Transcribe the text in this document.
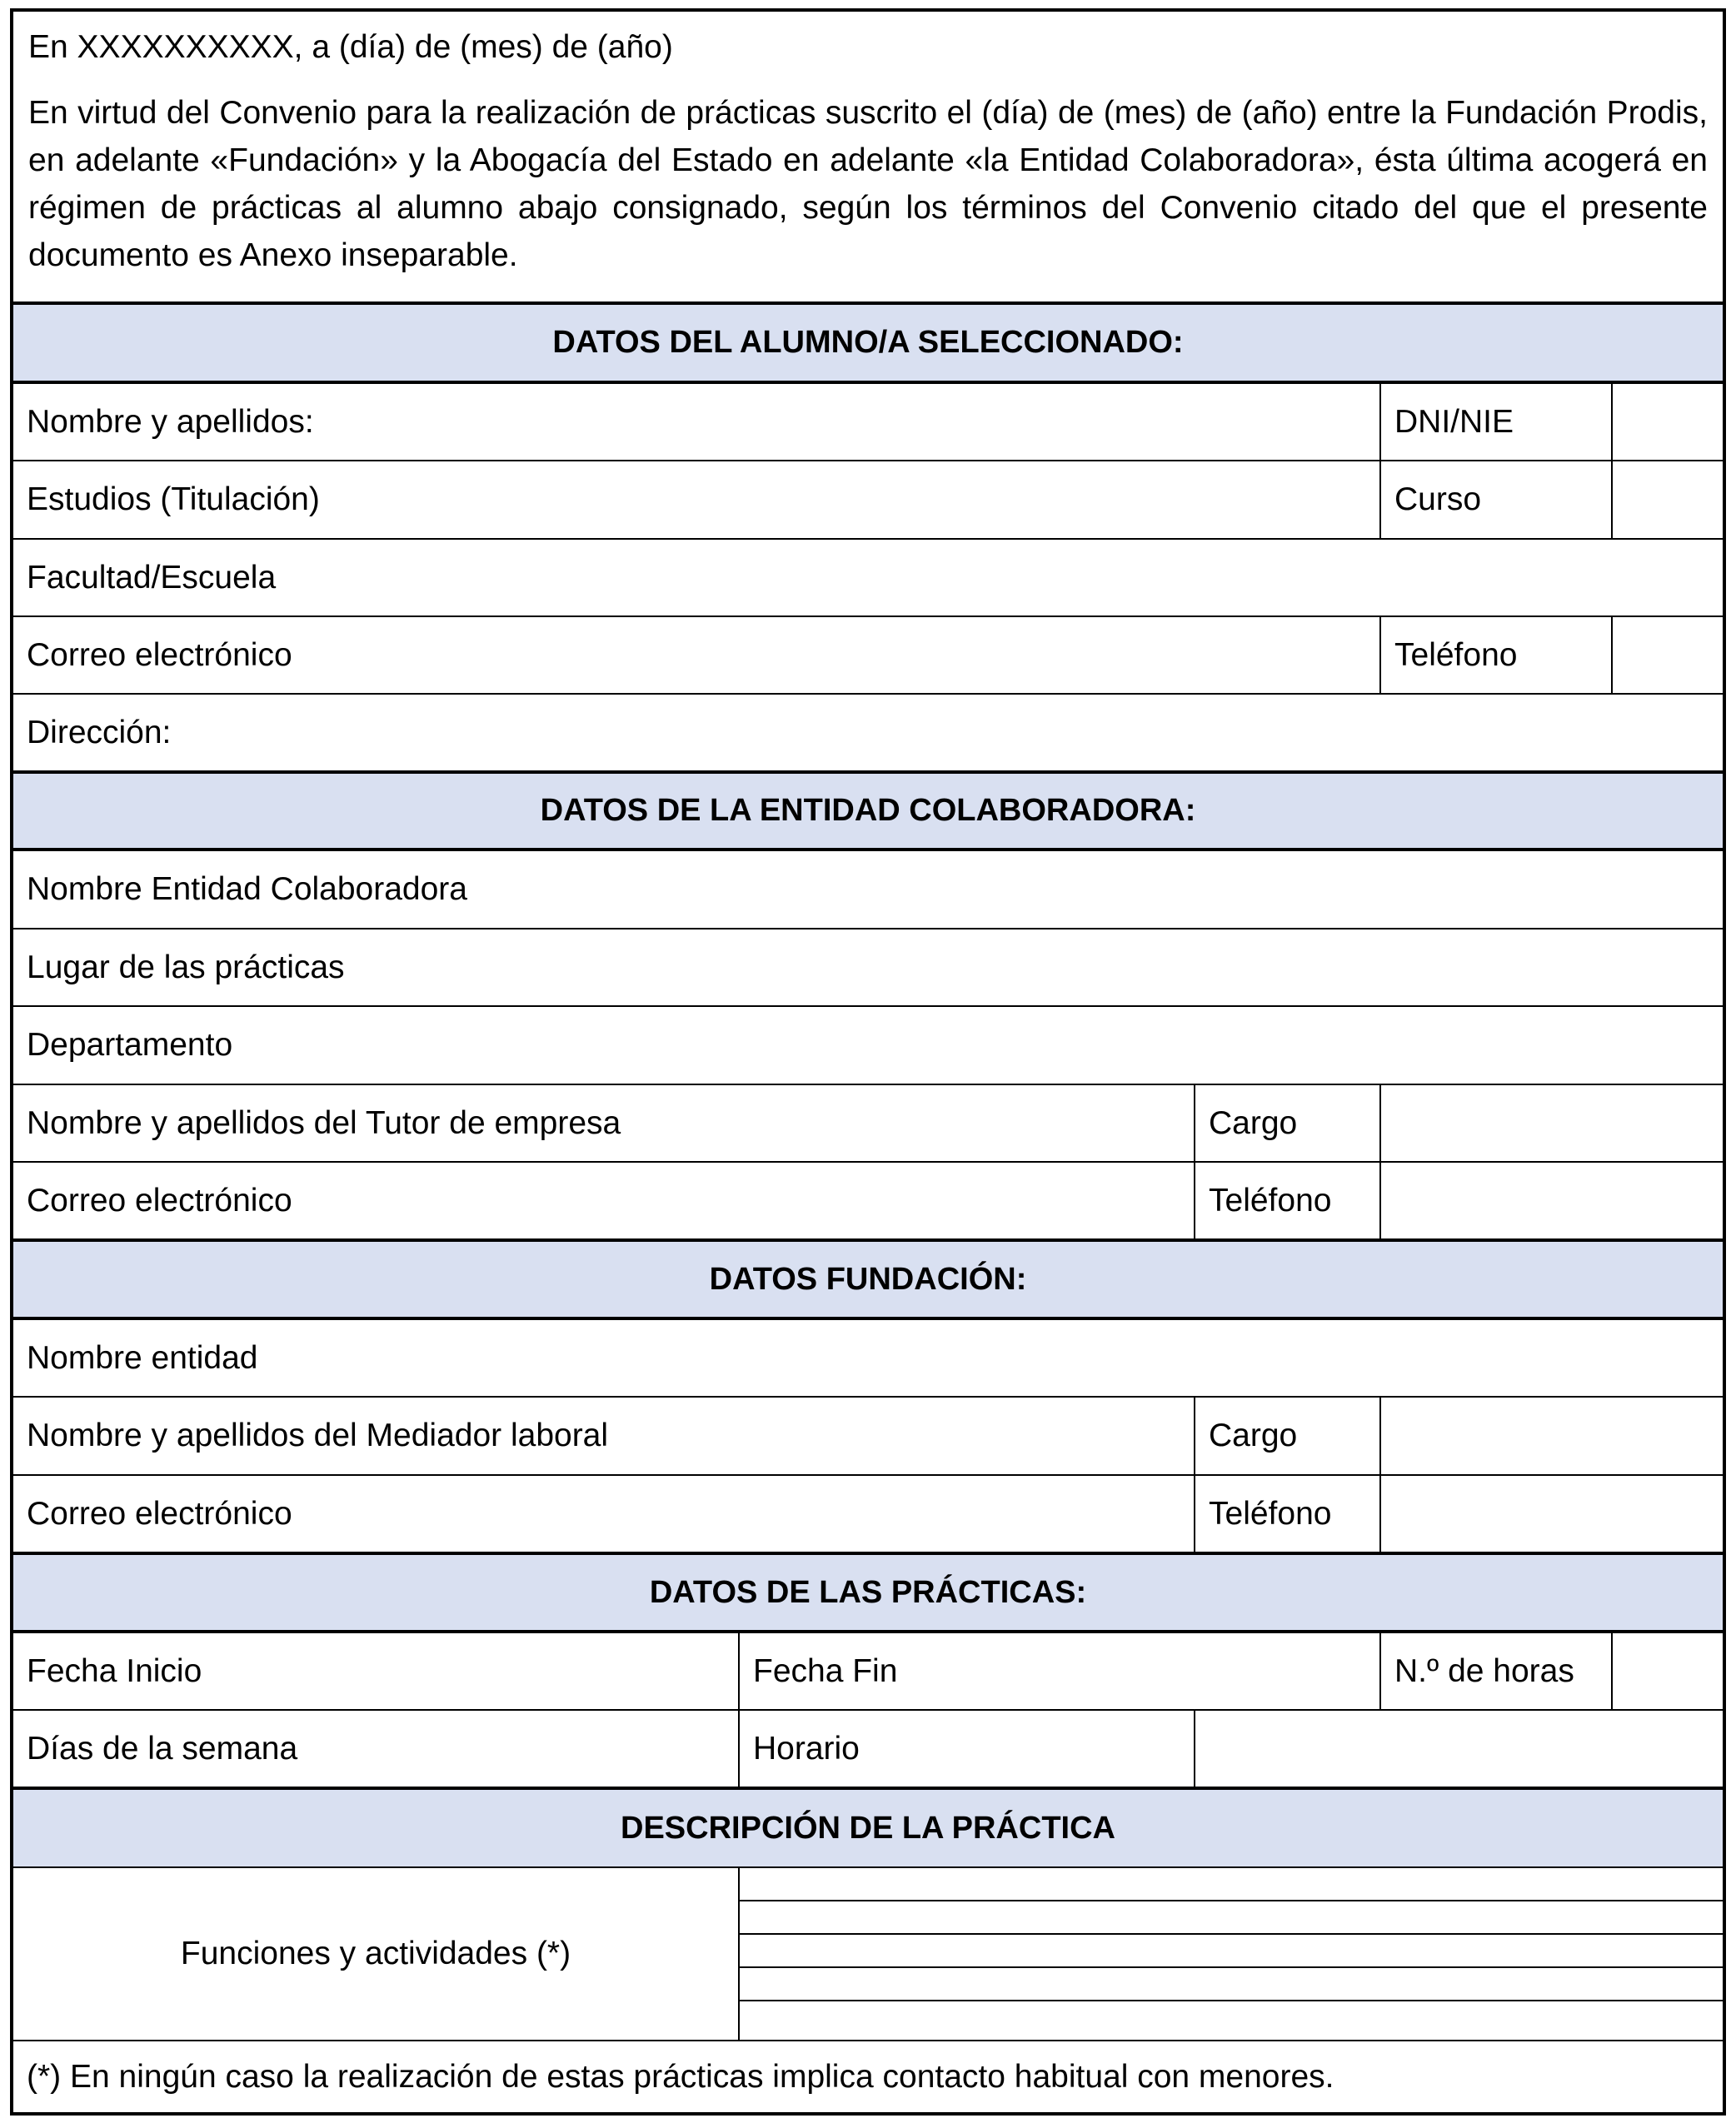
En XXXXXXXXXX, a (día) de (mes) de (año)

En virtud del Convenio para la realización de prácticas suscrito el (día) de (mes) de (año) entre la Fundación Prodis, en adelante «Fundación» y la Abogacía del Estado en adelante «la Entidad Colaboradora», ésta última acogerá en régimen de prácticas al alumno abajo consignado, según los términos del Convenio citado del que el presente documento es Anexo inseparable.

DATOS DEL ALUMNO/A SELECCIONADO:
Nombre y apellidos:	DNI/NIE
Estudios (Titulación)	Curso
Facultad/Escuela
Correo electrónico	Teléfono
Dirección:
DATOS DE LA ENTIDAD COLABORADORA:
Nombre Entidad Colaboradora
Lugar de las prácticas
Departamento
Nombre y apellidos del Tutor de empresa	Cargo
Correo electrónico	Teléfono
DATOS FUNDACIÓN:
Nombre entidad
Nombre y apellidos del Mediador laboral	Cargo
Correo electrónico	Teléfono
DATOS DE LAS PRÁCTICAS:
Fecha Inicio	Fecha Fin	N.º de horas
Días de la semana	Horario
DESCRIPCIÓN DE LA PRÁCTICA
Funciones y actividades (*)
(*) En ningún caso la realización de estas prácticas implica contacto habitual con menores.
